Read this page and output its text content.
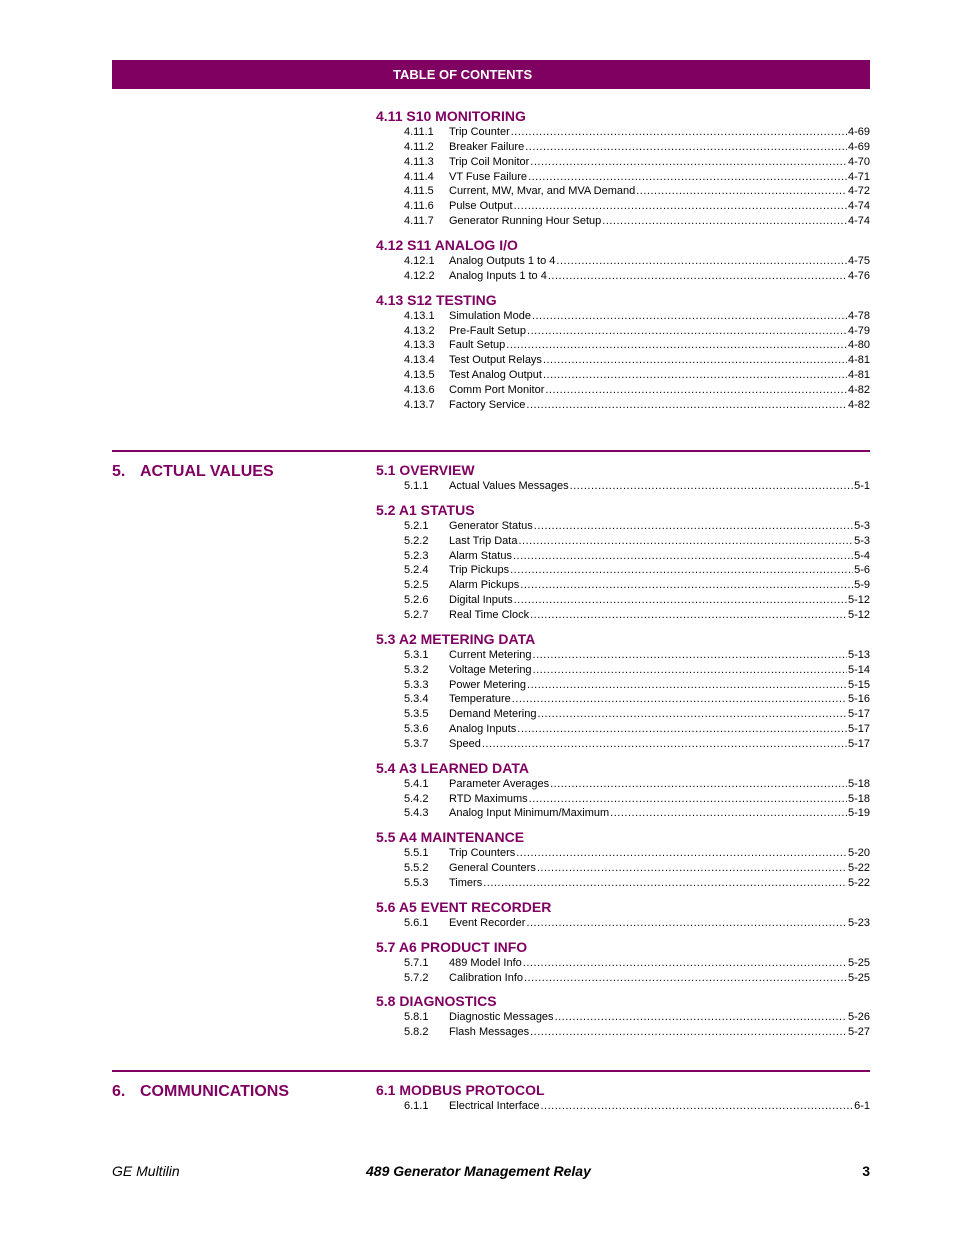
TABLE OF CONTENTS
4.11 S10 MONITORING
4.11.1	Trip Counter .....	4-69
4.11.2	Breaker Failure .....	4-69
4.11.3	Trip Coil Monitor .....	4-70
4.11.4	VT Fuse Failure .....	4-71
4.11.5	Current, MW, Mvar, and MVA Demand .....	4-72
4.11.6	Pulse Output .....	4-74
4.11.7	Generator Running Hour Setup .....	4-74
4.12 S11 ANALOG I/O
4.12.1	Analog Outputs 1 to 4 .....	4-75
4.12.2	Analog Inputs 1 to 4 .....	4-76
4.13 S12 TESTING
4.13.1	Simulation Mode .....	4-78
4.13.2	Pre-Fault Setup .....	4-79
4.13.3	Fault Setup .....	4-80
4.13.4	Test Output Relays .....	4-81
4.13.5	Test Analog Output .....	4-81
4.13.6	Comm Port Monitor .....	4-82
4.13.7	Factory Service .....	4-82
5. ACTUAL VALUES	5.1 OVERVIEW
5.1.1	Actual Values Messages .....	5-1
5.2 A1 STATUS
5.2.1	Generator Status .....	5-3
5.2.2	Last Trip Data .....	5-3
5.2.3	Alarm Status .....	5-4
5.2.4	Trip Pickups .....	5-6
5.2.5	Alarm Pickups .....	5-9
5.2.6	Digital Inputs .....	5-12
5.2.7	Real Time Clock .....	5-12
5.3 A2 METERING DATA
5.3.1	Current Metering .....	5-13
5.3.2	Voltage Metering .....	5-14
5.3.3	Power Metering .....	5-15
5.3.4	Temperature .....	5-16
5.3.5	Demand Metering .....	5-17
5.3.6	Analog Inputs .....	5-17
5.3.7	Speed .....	5-17
5.4 A3 LEARNED DATA
5.4.1	Parameter Averages .....	5-18
5.4.2	RTD Maximums .....	5-18
5.4.3	Analog Input Minimum/Maximum .....	5-19
5.5 A4 MAINTENANCE
5.5.1	Trip Counters .....	5-20
5.5.2	General Counters .....	5-22
5.5.3	Timers .....	5-22
5.6 A5 EVENT RECORDER
5.6.1	Event Recorder .....	5-23
5.7 A6 PRODUCT INFO
5.7.1	489 Model Info .....	5-25
5.7.2	Calibration Info .....	5-25
5.8 DIAGNOSTICS
5.8.1	Diagnostic Messages .....	5-26
5.8.2	Flash Messages .....	5-27
6. COMMUNICATIONS	6.1 MODBUS PROTOCOL
6.1.1	Electrical Interface .....	6-1
GE Multilin	489 Generator Management Relay	3
